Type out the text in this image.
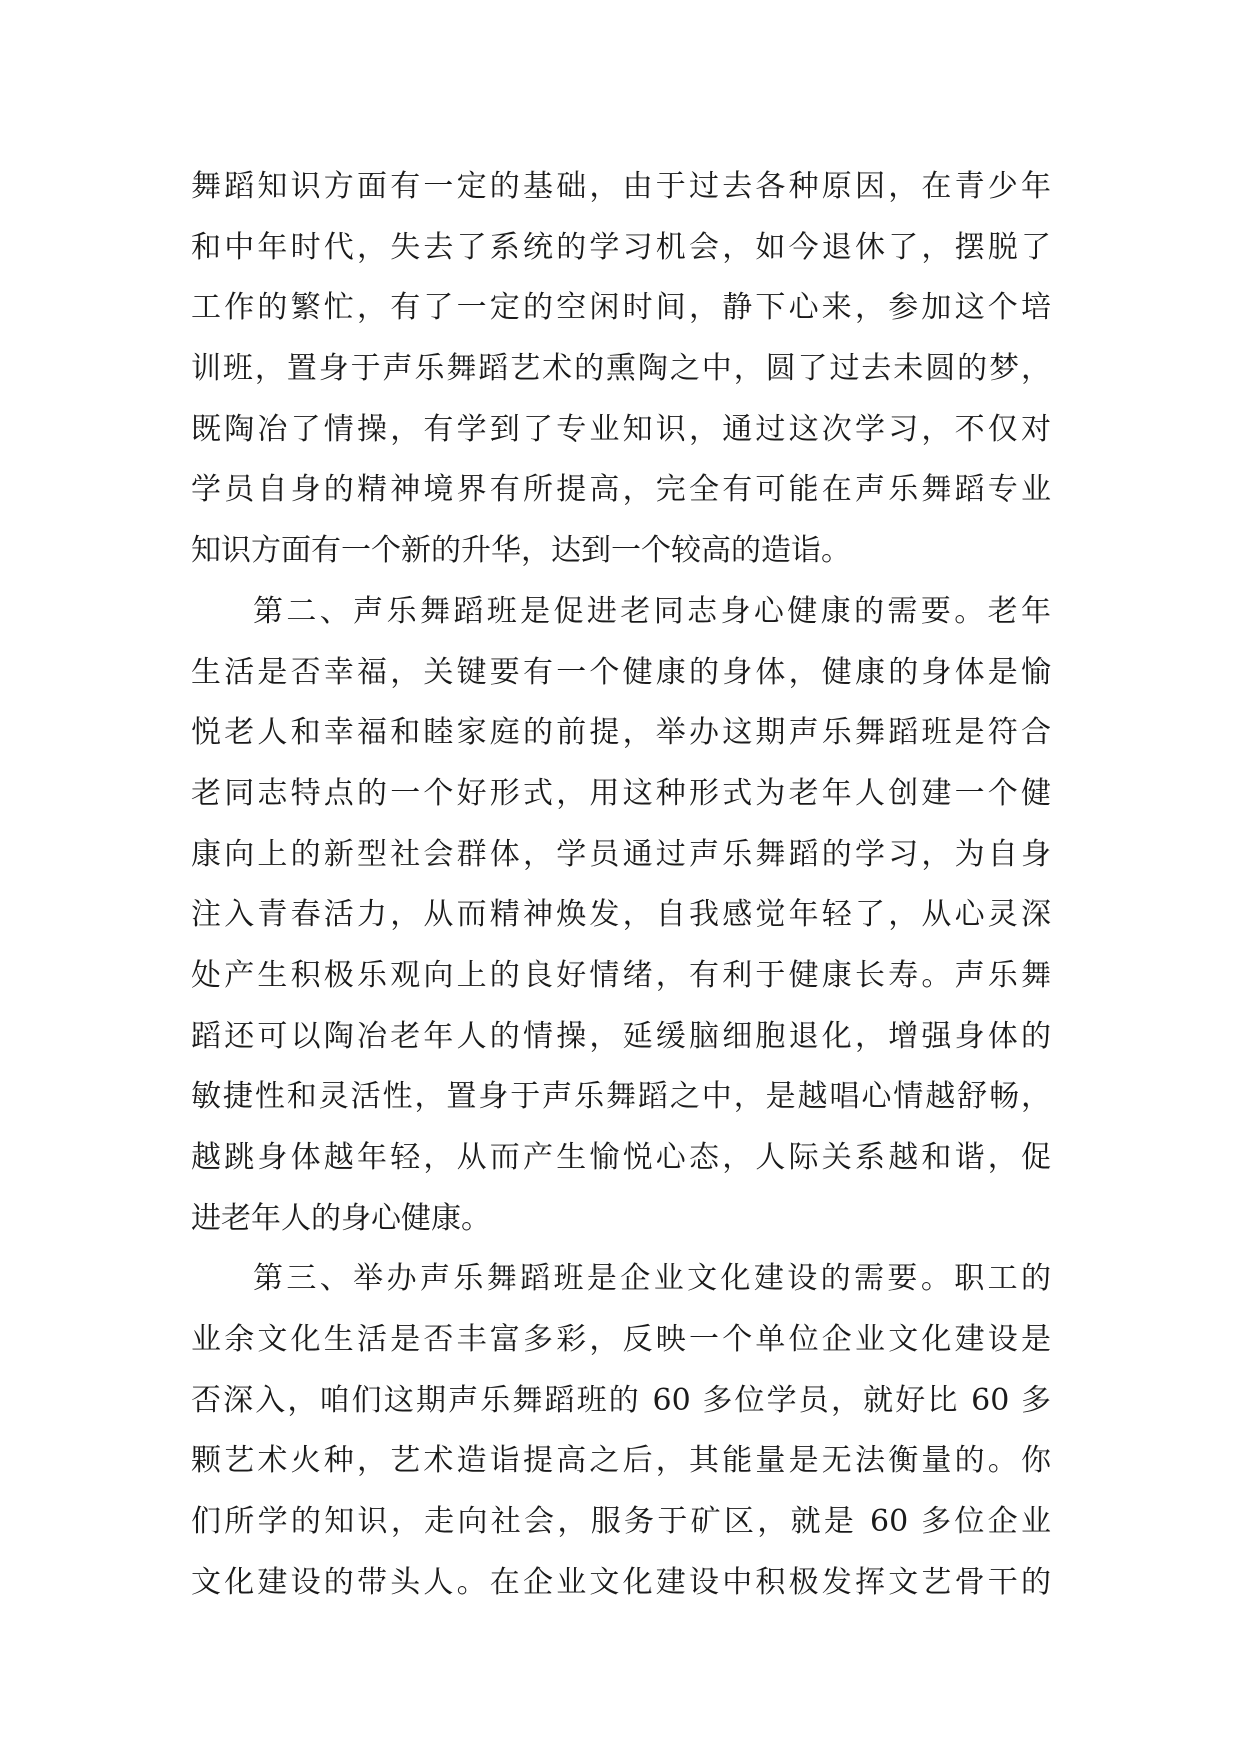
舞蹈知识方面有一定的基础，由于过去各种原因，在青少年
和中年时代，失去了系统的学习机会，如今退休了，摆脱了
工作的繁忙，有了一定的空闲时间，静下心来，参加这个培
训班，置身于声乐舞蹈艺术的熏陶之中，圆了过去未圆的梦，
既陶冶了情操，有学到了专业知识，通过这次学习，不仅对
学员自身的精神境界有所提高，完全有可能在声乐舞蹈专业
知识方面有一个新的升华，达到一个较高的造诣。
第二、声乐舞蹈班是促进老同志身心健康的需要。老年
生活是否幸福，关键要有一个健康的身体，健康的身体是愉
悦老人和幸福和睦家庭的前提，举办这期声乐舞蹈班是符合
老同志特点的一个好形式，用这种形式为老年人创建一个健
康向上的新型社会群体，学员通过声乐舞蹈的学习，为自身
注入青春活力，从而精神焕发，自我感觉年轻了，从心灵深
处产生积极乐观向上的良好情绪，有利于健康长寿。声乐舞
蹈还可以陶冶老年人的情操，延缓脑细胞退化，增强身体的
敏捷性和灵活性，置身于声乐舞蹈之中，是越唱心情越舒畅，
越跳身体越年轻，从而产生愉悦心态，人际关系越和谐，促
进老年人的身心健康。
第三、举办声乐舞蹈班是企业文化建设的需要。职工的
业余文化生活是否丰富多彩，反映一个单位企业文化建设是
否深入，咱们这期声乐舞蹈班的 60 多位学员，就好比 60 多
颗艺术火种，艺术造诣提高之后，其能量是无法衡量的。你
们所学的知识，走向社会，服务于矿区，就是 60 多位企业
文化建设的带头人。在企业文化建设中积极发挥文艺骨干的
